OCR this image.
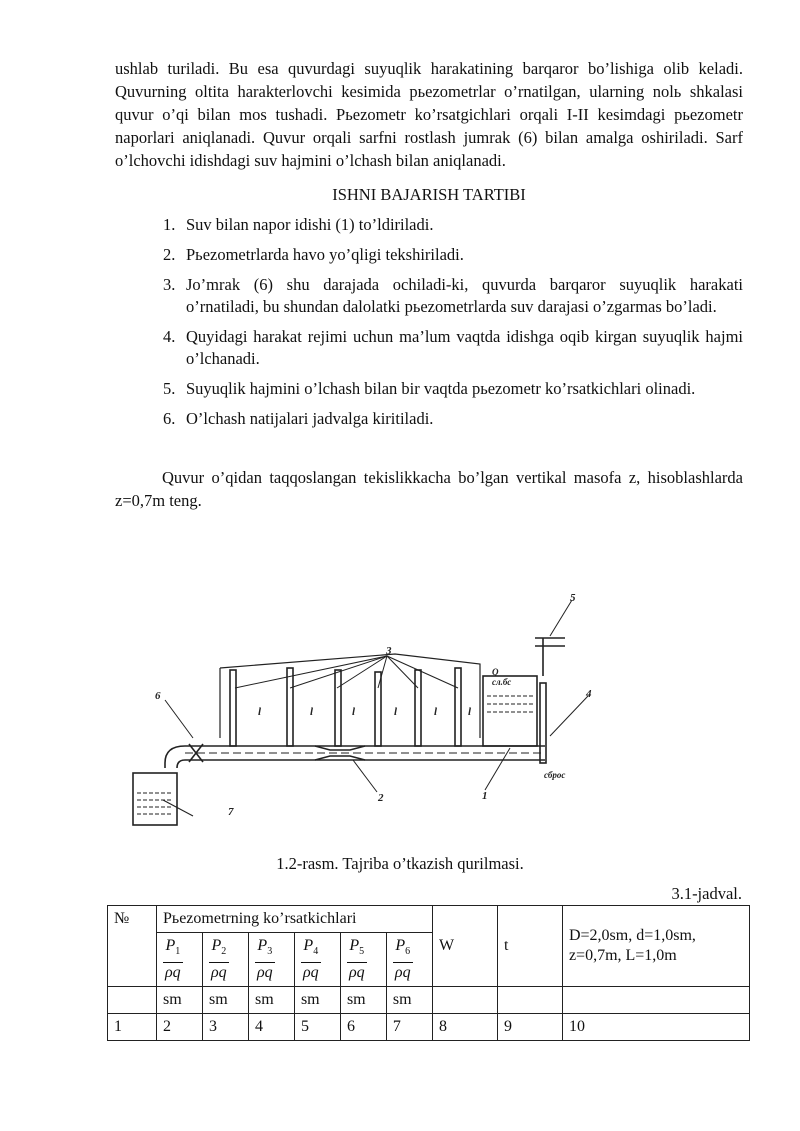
ushlab turiladi. Bu esa quvurdagi suyuqlik harakatining barqaror bo’lishiga olib keladi. Quvurning oltita harakterlovchi kesimida pьezometrlar o’rnatilgan, ularning nolь shkalasi quvur o’qi bilan mos tushadi. Pьezometr ko’rsatgichlari orqali I-II kesimdagi pьezometr naporlari aniqlanadi. Quvur orqali sarfni rostlash jumrak (6) bilan amalga oshiriladi. Sarf o’lchovchi idishdagi suv hajmini o’lchash bilan aniqlanadi.

ISHNI BAJARISH TARTIBI
1. Suv bilan napor idishi (1) to’ldiriladi.
2. Pьezometrlarda havo yo’qligi tekshiriladi.
3. Jo’mrak (6) shu darajada ochiladi-ki, quvurda barqaror suyuqlik harakati o’rnatiladi, bu shundan dalolatki pьezometrlarda suv darajasi o’zgarmas bo’ladi.
4. Quyidagi harakat rejimi uchun ma’lum vaqtda idishga oqib kirgan suyuqlik hajmi o’lchanadi.
5. Suyuqlik hajmini o’lchash bilan bir vaqtda pьezometr ko’rsatkichlari olinadi.
6. O’lchash natijalari jadvalga kiritiladi.

Quvur o’qidan taqqoslangan tekislikkacha bo’lgan vertikal masofa z, hisoblashlarda z=0,7m teng.

1
2
3
4
5
6
7
l	l	l	l	l	l
Q сл.бс
сброс
1.2-rasm. Tajriba o’tkazish qurilmasi.
3.1-jadval.
№	Pьezometrning ko’rsatkichlari						W	t	D=2,0sm, d=1,0sm,
z=0,7m, L=1,0m

	$\frac{P_1}{\rho q}$	$\frac{P_2}{\rho q}$	$\frac{P_3}{\rho q}$	$\frac{P_4}{\rho q}$	$\frac{P_5}{\rho q}$	$\frac{P_6}{\rho q}$

	sm	sm	sm	sm	sm	sm			
1	2	3	4	5	6	7	8	9	10
